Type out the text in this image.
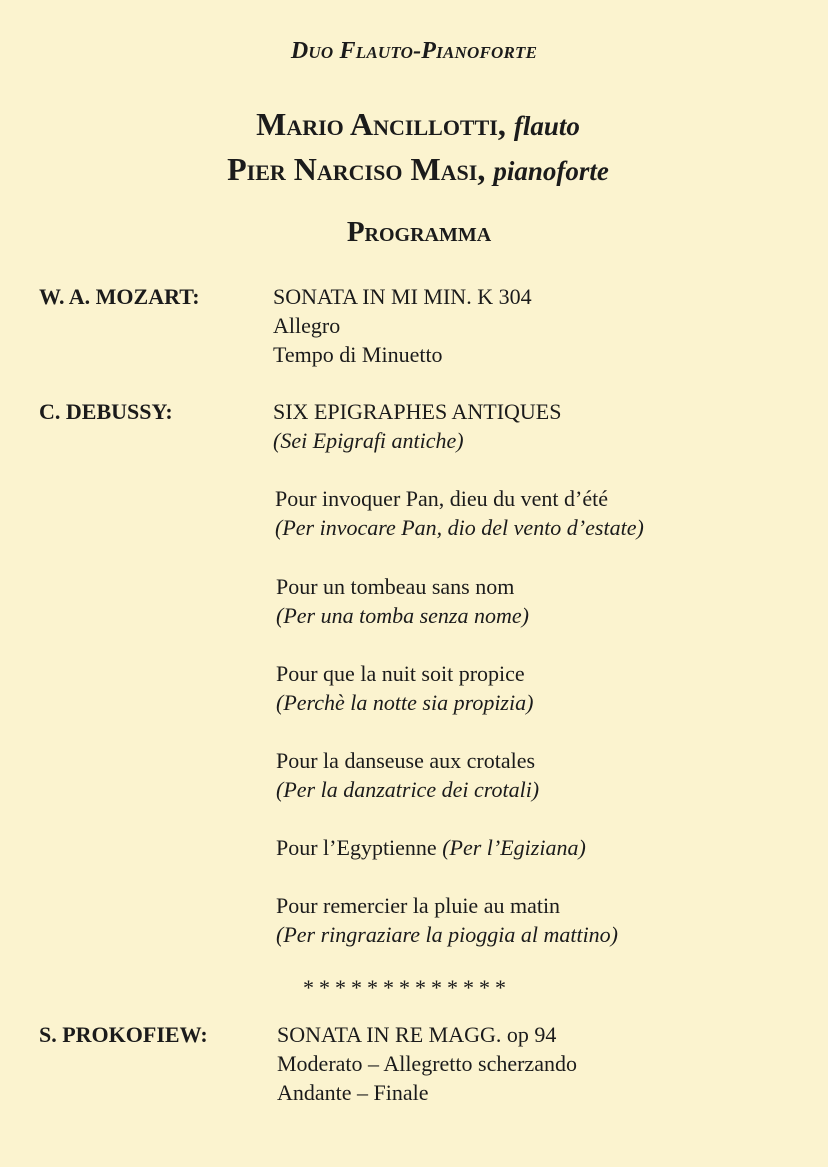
Duo Flauto-Pianoforte
Mario Ancillotti, flauto
Pier Narciso Masi, pianoforte
Programma
W. A. MOZART:	SONATA IN MI MIN. K 304
Allegro
Tempo di Minuetto
C. DEBUSSY:	SIX EPIGRAPHES ANTIQUES
(Sei Epigrafi antiche)
Pour invoquer Pan, dieu du vent d’été
(Per invocare Pan, dio del vento d’estate)
Pour un tombeau sans nom
(Per una tomba senza nome)
Pour que la nuit soit propice
(Perchè la notte sia propizia)
Pour la danseuse aux crotales
(Per la danzatrice dei crotali)
Pour l’Egyptienne (Per l’Egiziana)
Pour remercier la pluie au matin
(Per ringraziare la pioggia al mattino)
*************
S. PROKOFIEW:	SONATA IN RE MAGG. op 94
Moderato – Allegretto scherzando
Andante – Finale
